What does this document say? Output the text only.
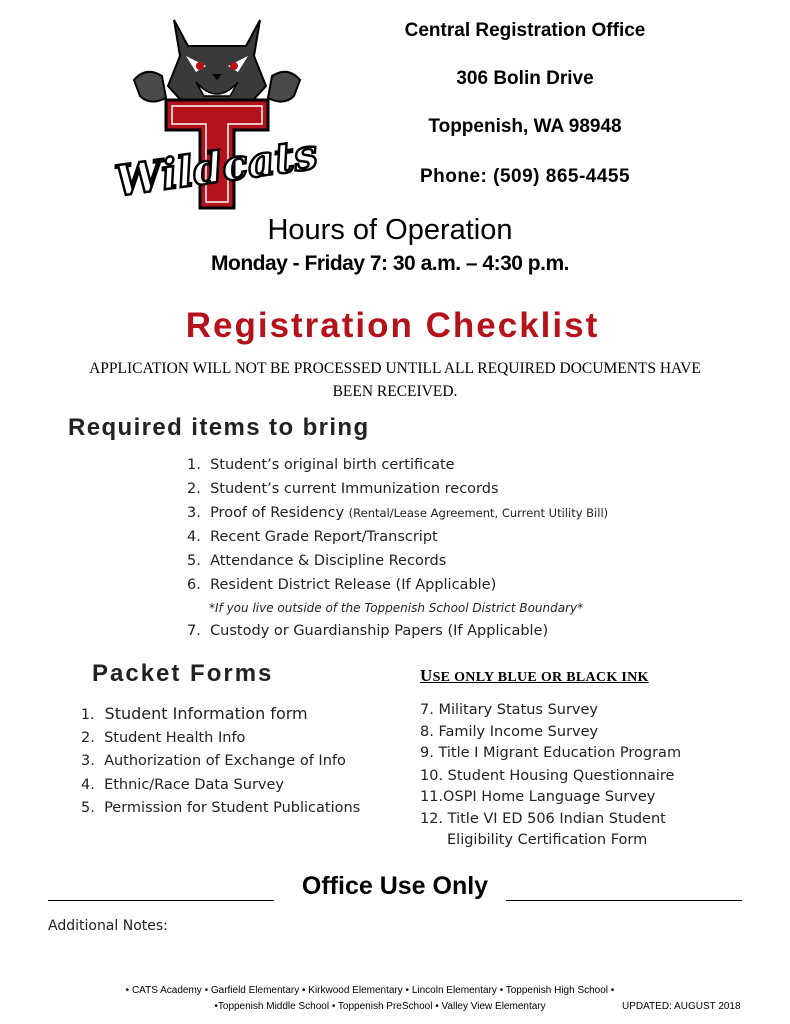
Wildcats
Central Registration Office
306 Bolin Drive
Toppenish, WA 98948
Phone: (509) 865-4455
Hours of Operation
Monday - Friday 7: 30 a.m. – 4:30 p.m.
Registration Checklist
APPLICATION WILL NOT BE PROCESSED UNTILL ALL REQUIRED DOCUMENTS HAVE
BEEN RECEIVED.
Required items to bring
1. Student’s original birth certificate
2. Student’s current Immunization records
3. Proof of Residency (Rental/Lease Agreement, Current Utility Bill)
4. Recent Grade Report/Transcript
5. Attendance & Discipline Records
6. Resident District Release (If Applicable)
*If you live outside of the Toppenish School District Boundary*
7. Custody or Guardianship Papers (If Applicable)
Packet Forms	USE ONLY BLUE OR BLACK INK
1. Student Information form
2. Student Health Info
3. Authorization of Exchange of Info
4. Ethnic/Race Data Survey
5. Permission for Student Publications
7. Military Status Survey
8. Family Income Survey
9. Title I Migrant Education Program
10. Student Housing Questionnaire
11.OSPI Home Language Survey
12. Title VI ED 506 Indian Student
Eligibility Certification Form
Office Use Only
Additional Notes:
• CATS Academy • Garfield Elementary • Kirkwood Elementary • Lincoln Elementary • Toppenish High School •
•Toppenish Middle School • Toppenish PreSchool • Valley View Elementary	UPDATED: AUGUST 2018
